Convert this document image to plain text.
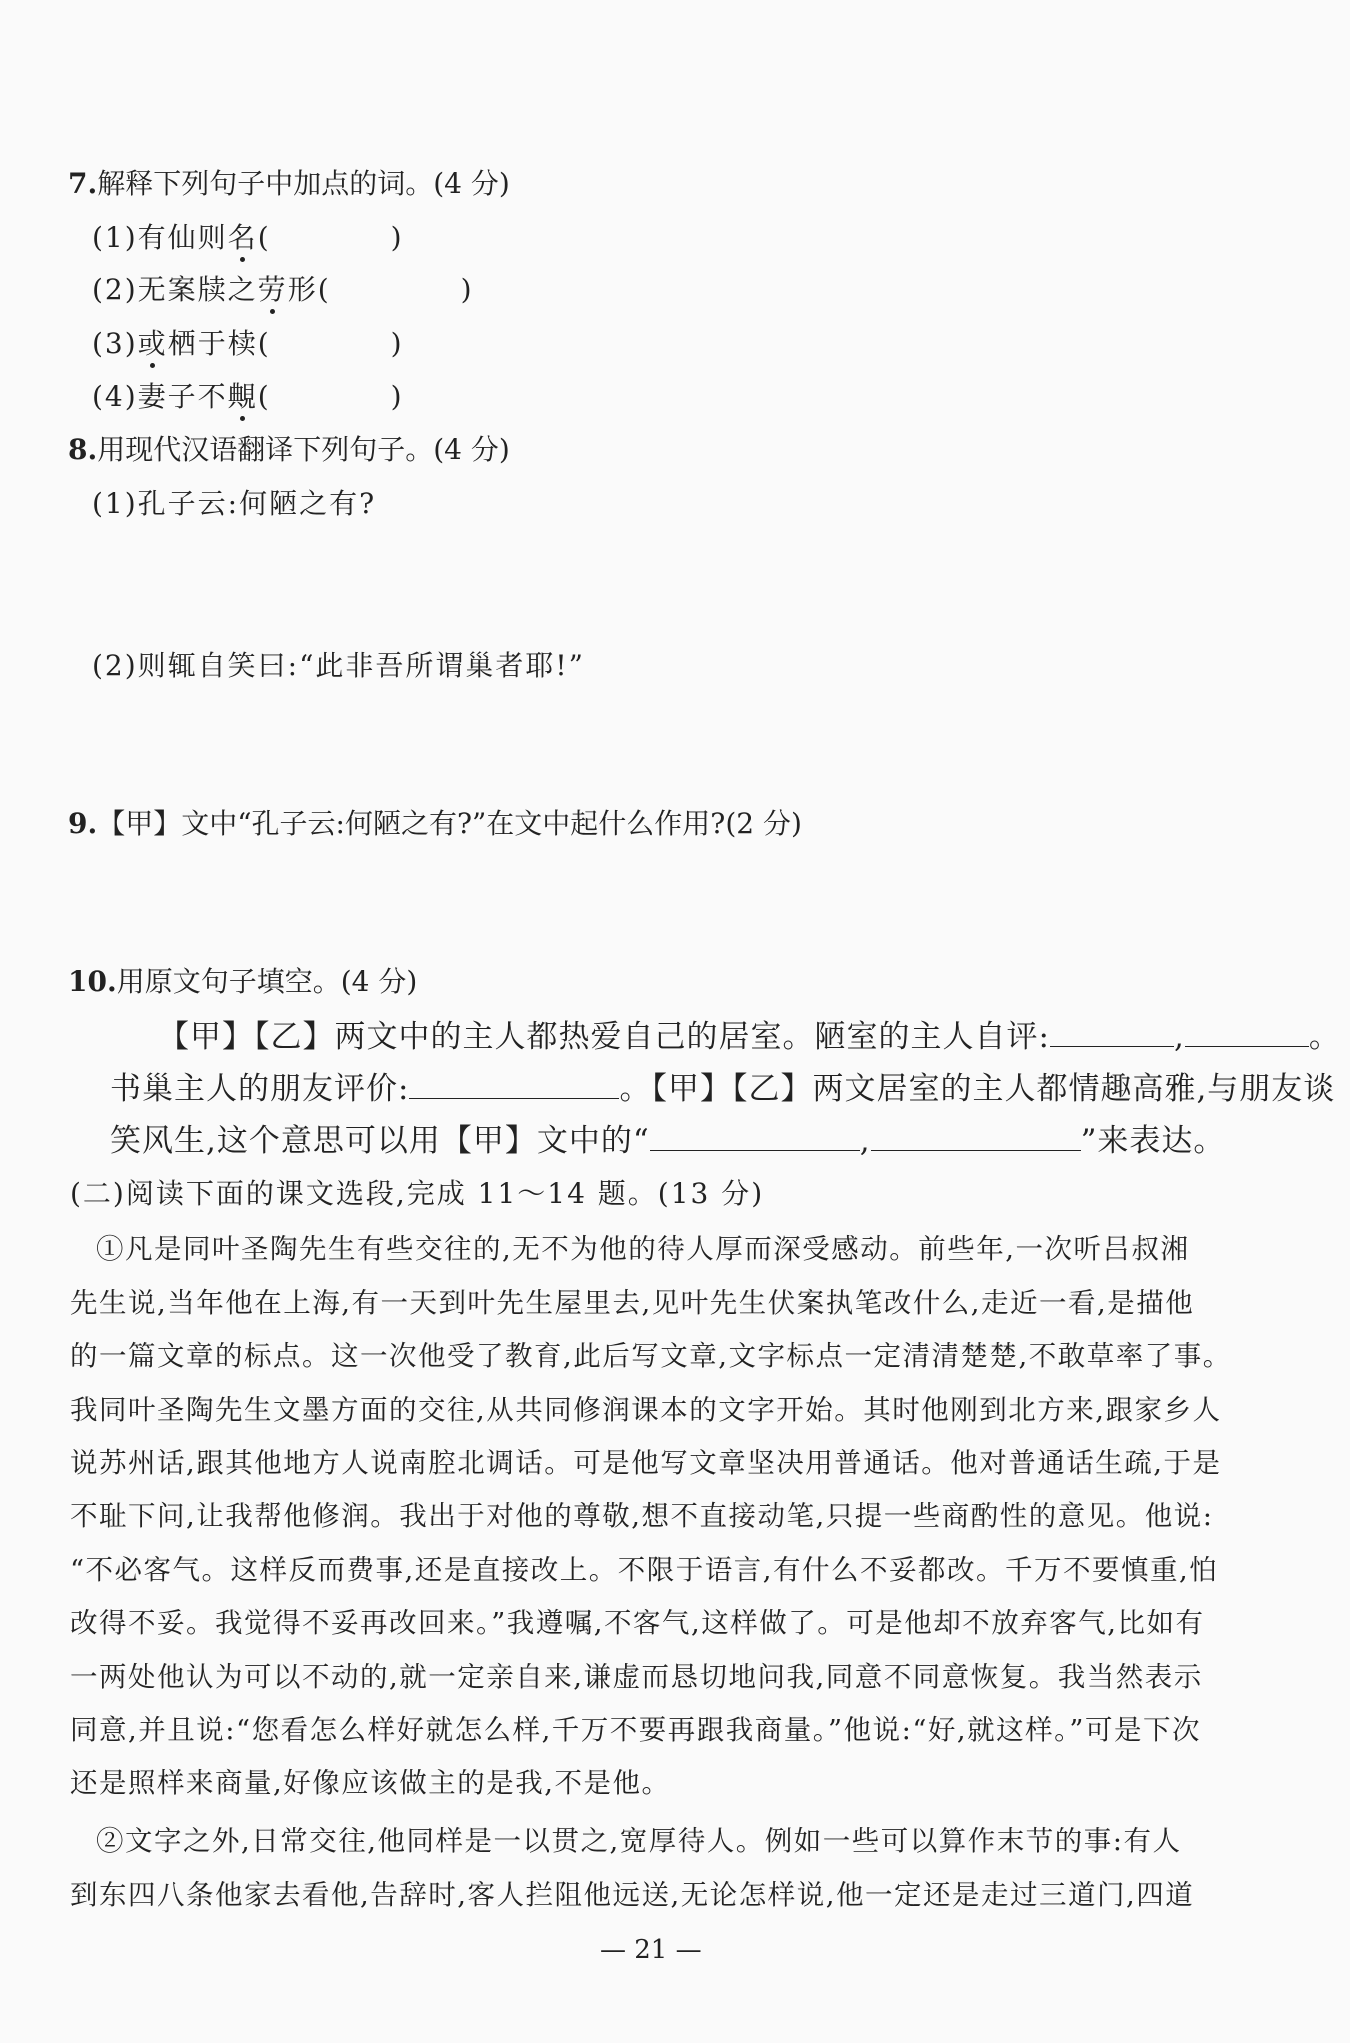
7.解释下列句子中加点的词。(4 分)
(1)有仙则名(	)
(2)无案牍之劳形(	)
(3)或栖于椟(	)
(4)妻子不覥(	)
8.用现代汉语翻译下列句子。(4 分)
(1)孔子云:何陋之有?
(2)则辄自笑曰:“此非吾所谓巢者耶!”
9.【甲】文中“孔子云:何陋之有?”在文中起什么作用?(2 分)
10.用原文句子填空。(4 分)
【甲】【乙】两文中的主人都热爱自己的居室。陋室的主人自评:	,	。
书巢主人的朋友评价:	。【甲】【乙】两文居室的主人都情趣高雅,与朋友谈
笑风生,这个意思可以用【甲】文中的“	,	”来表达。
(二)阅读下面的课文选段,完成 11～14 题。(13 分)
①凡是同叶圣陶先生有些交往的,无不为他的待人厚而深受感动。前些年,一次听吕叔湘
先生说,当年他在上海,有一天到叶先生屋里去,见叶先生伏案执笔改什么,走近一看,是描他
的一篇文章的标点。这一次他受了教育,此后写文章,文字标点一定清清楚楚,不敢草率了事。
我同叶圣陶先生文墨方面的交往,从共同修润课本的文字开始。其时他刚到北方来,跟家乡人
说苏州话,跟其他地方人说南腔北调话。可是他写文章坚决用普通话。他对普通话生疏,于是
不耻下问,让我帮他修润。我出于对他的尊敬,想不直接动笔,只提一些商酌性的意见。他说:
“不必客气。这样反而费事,还是直接改上。不限于语言,有什么不妥都改。千万不要慎重,怕
改得不妥。我觉得不妥再改回来。”我遵嘱,不客气,这样做了。可是他却不放弃客气,比如有
一两处他认为可以不动的,就一定亲自来,谦虚而恳切地问我,同意不同意恢复。我当然表示
同意,并且说:“您看怎么样好就怎么样,千万不要再跟我商量。”他说:“好,就这样。”可是下次
还是照样来商量,好像应该做主的是我,不是他。
②文字之外,日常交往,他同样是一以贯之,宽厚待人。例如一些可以算作末节的事:有人
到东四八条他家去看他,告辞时,客人拦阻他远送,无论怎样说,他一定还是走过三道门,四道
— 21 —
